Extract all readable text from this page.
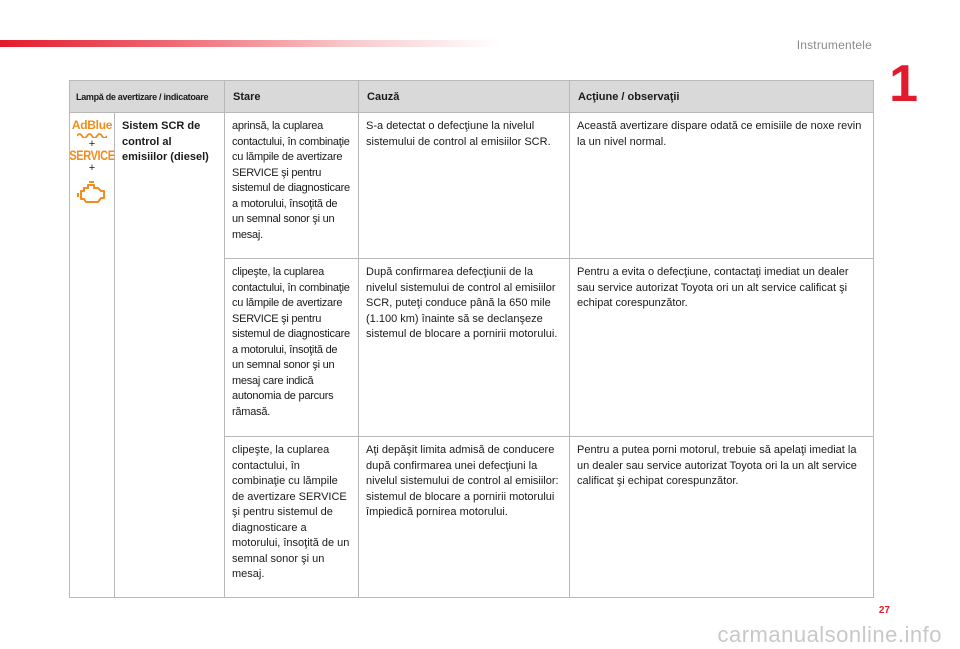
Instrumentele
1
Lampă de avertizare / indicatoare		Stare	Cauză	Acţiune / observaţii

AdBlue
+
SERVICE
+	Sistem SCR de control al emisiilor (diesel)	aprinsă, la cuplarea contactului, în combinaţie cu lămpile de avertizare SERVICE şi pentru sistemul de diagnosticare a motorului, însoţită de un semnal sonor şi un mesaj.	S-a detectat o defecţiune la nivelul sistemului de control al emisiilor SCR.	Această avertizare dispare odată ce emisiile de noxe revin la un nivel normal.
		clipeşte, la cuplarea contactului, în combinaţie cu lămpile de avertizare SERVICE şi pentru sistemul de diagnosticare a motorului, însoţită de un semnal sonor şi un mesaj care indică autonomia de parcurs rămasă.	După confirmarea defecţiunii de la nivelul sistemului de control al emisiilor SCR, puteţi conduce până la 650 mile (1.100 km) înainte să se declanşeze sistemul de blocare a pornirii motorului.	Pentru a evita o defecţiune, contactaţi imediat un dealer sau service autorizat Toyota ori un alt service calificat şi echipat corespunzător.
		clipeşte, la cuplarea contactului, în combinaţie cu lămpile de avertizare SERVICE şi pentru sistemul de diagnosticare a motorului, însoţită de un semnal sonor şi un mesaj.	Aţi depăşit limita admisă de conducere după confirmarea unei defecţiuni la nivelul sistemului de control al emisiilor: sistemul de blocare a pornirii motorului împiedică pornirea motorului.	Pentru a putea porni motorul, trebuie să apelaţi imediat la un dealer sau service autorizat Toyota ori la un alt service calificat şi echipat corespunzător.
27
carmanualsonline.info
